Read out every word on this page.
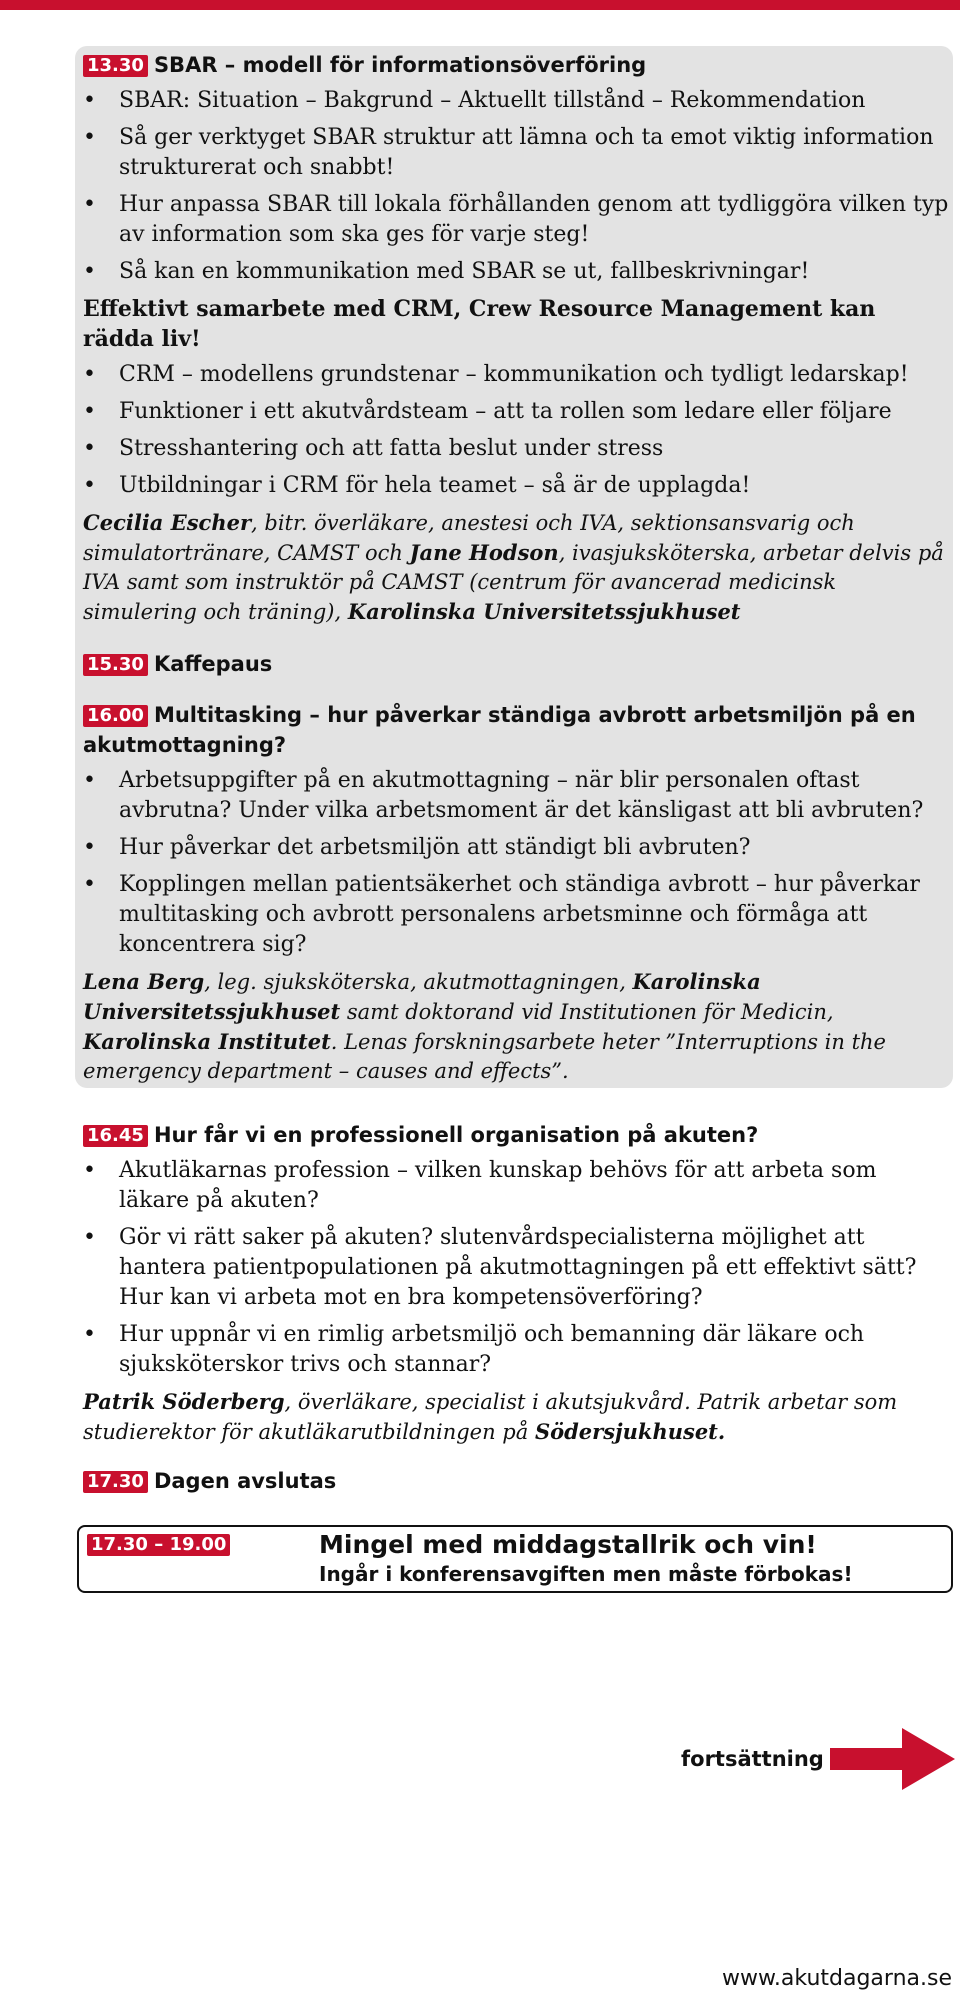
13.30 SBAR – modell för informationsöverföring
•	SBAR: Situation – Bakgrund – Aktuellt tillstånd – Rekommendation
•	Så ger verktyget SBAR struktur att lämna och ta emot viktig information strukturerat och snabbt!
•	Hur anpassa SBAR till lokala förhållanden genom att tydliggöra vilken typ av information som ska ges för varje steg!
•	Så kan en kommunikation med SBAR se ut, fallbeskrivningar!
Effektivt samarbete med CRM, Crew Resource Management kan rädda liv!
•	CRM – modellens grundstenar – kommunikation och tydligt ledarskap!
•	Funktioner i ett akutvårdsteam – att ta rollen som ledare eller följare
•	Stresshantering och att fatta beslut under stress
•	Utbildningar i CRM för hela teamet – så är de upplagda!

Cecilia Escher, bitr. överläkare, anestesi och IVA, sektionsansvarig och simulatortränare, CAMST och Jane Hodson, ivasjuksköterska, arbetar delvis på IVA samt som instruktör på CAMST (centrum för avancerad medicinsk simulering och träning), Karolinska Universitetssjukhuset

15.30 Kaffepaus
16.00 Multitasking – hur påverkar ständiga avbrott arbetsmiljön på en akutmottagning?
•	Arbetsuppgifter på en akutmottagning – när blir personalen oftast avbrutna? Under vilka arbetsmoment är det känsligast att bli avbruten?
•	Hur påverkar det arbetsmiljön att ständigt bli avbruten?
•	Kopplingen mellan patientsäkerhet och ständiga avbrott – hur påverkar multitasking och avbrott personalens arbetsminne och förmåga att koncentrera sig?

Lena Berg, leg. sjuksköterska, akutmottagningen, Karolinska Universitetssjukhuset samt doktorand vid Institutionen för Medicin, Karolinska Institutet. Lenas forskningsarbete heter ”Interruptions in the emergency department – causes and effects”.

16.45 Hur får vi en professionell organisation på akuten?
•	Akutläkarnas profession – vilken kunskap behövs för att arbeta som läkare på akuten?
•	Gör vi rätt saker på akuten? slutenvårdspecialisterna möjlighet att hantera patientpopulationen på akutmottagningen på ett effektivt sätt? Hur kan vi arbeta mot en bra kompetensöverföring?
•	Hur uppnår vi en rimlig arbetsmiljö och bemanning där läkare och sjuksköterskor trivs och stannar?

Patrik Söderberg, överläkare, specialist i akutsjukvård. Patrik arbetar som studierektor för akutläkarutbildningen på Södersjukhuset.

17.30 Dagen avslutas
17.30 – 19.00	Mingel med middagstallrik och vin!
Ingår i konferensavgiften men måste förbokas!
fortsättning
www.akutdagarna.se
